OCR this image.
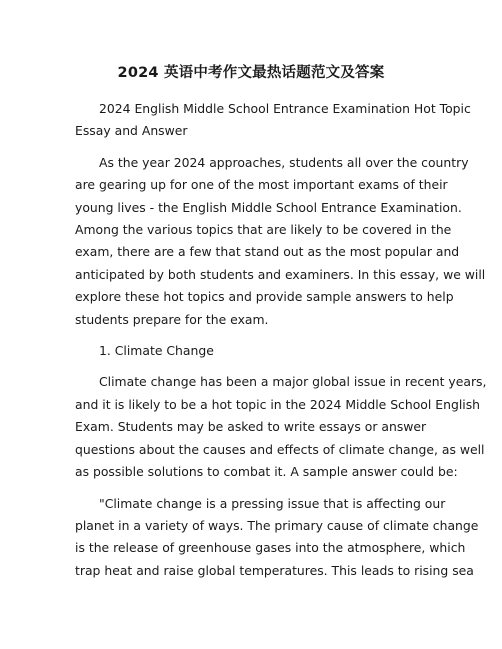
2024 英语中考作文最热话题范文及答案

2024 English Middle School Entrance Examination Hot Topic
Essay and Answer

As the year 2024 approaches, students all over the country
are gearing up for one of the most important exams of their
young lives - the English Middle School Entrance Examination.
Among the various topics that are likely to be covered in the
exam, there are a few that stand out as the most popular and
anticipated by both students and examiners. In this essay, we will
explore these hot topics and provide sample answers to help
students prepare for the exam.

1. Climate Change

Climate change has been a major global issue in recent years,
and it is likely to be a hot topic in the 2024 Middle School English
Exam. Students may be asked to write essays or answer
questions about the causes and effects of climate change, as well
as possible solutions to combat it. A sample answer could be:

"Climate change is a pressing issue that is affecting our
planet in a variety of ways. The primary cause of climate change
is the release of greenhouse gases into the atmosphere, which
trap heat and raise global temperatures. This leads to rising sea
